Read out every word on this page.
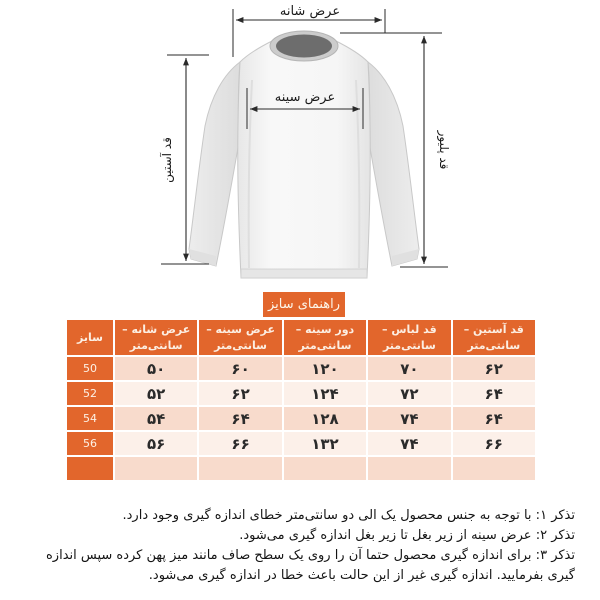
عرض شانه
عرض سینه
قد آستین	قد پلیور
راهنمای سایز
سایز

عرض شانه –
سانتی‌متر

عرض سینه –
سانتی‌متر

دور سینه –
سانتی‌متر

قد لباس –
سانتی‌متر

قد آستین –
سانتی‌متر

50	۵۰	۶۰	۱۲۰	۷۰	۶۲
52	۵۲	۶۲	۱۲۴	۷۲	۶۴
54	۵۴	۶۴	۱۲۸	۷۴	۶۴
56	۵۶	۶۶	۱۳۲	۷۴	۶۶

تذکر ۱: با توجه به جنس محصول یک الی دو سانتی‌متر خطای اندازه گیری وجود دارد.

تذکر ۲: عرض سینه از زیر بغل تا زیر بغل اندازه گیری می‌شود.

تذکر ۳: برای اندازه گیری محصول حتما آن را روی یک سطح صاف مانند میز پهن کرده سپس اندازه گیری بفرمایید. اندازه گیری غیر از این حالت باعث خطا در اندازه گیری می‌شود.
